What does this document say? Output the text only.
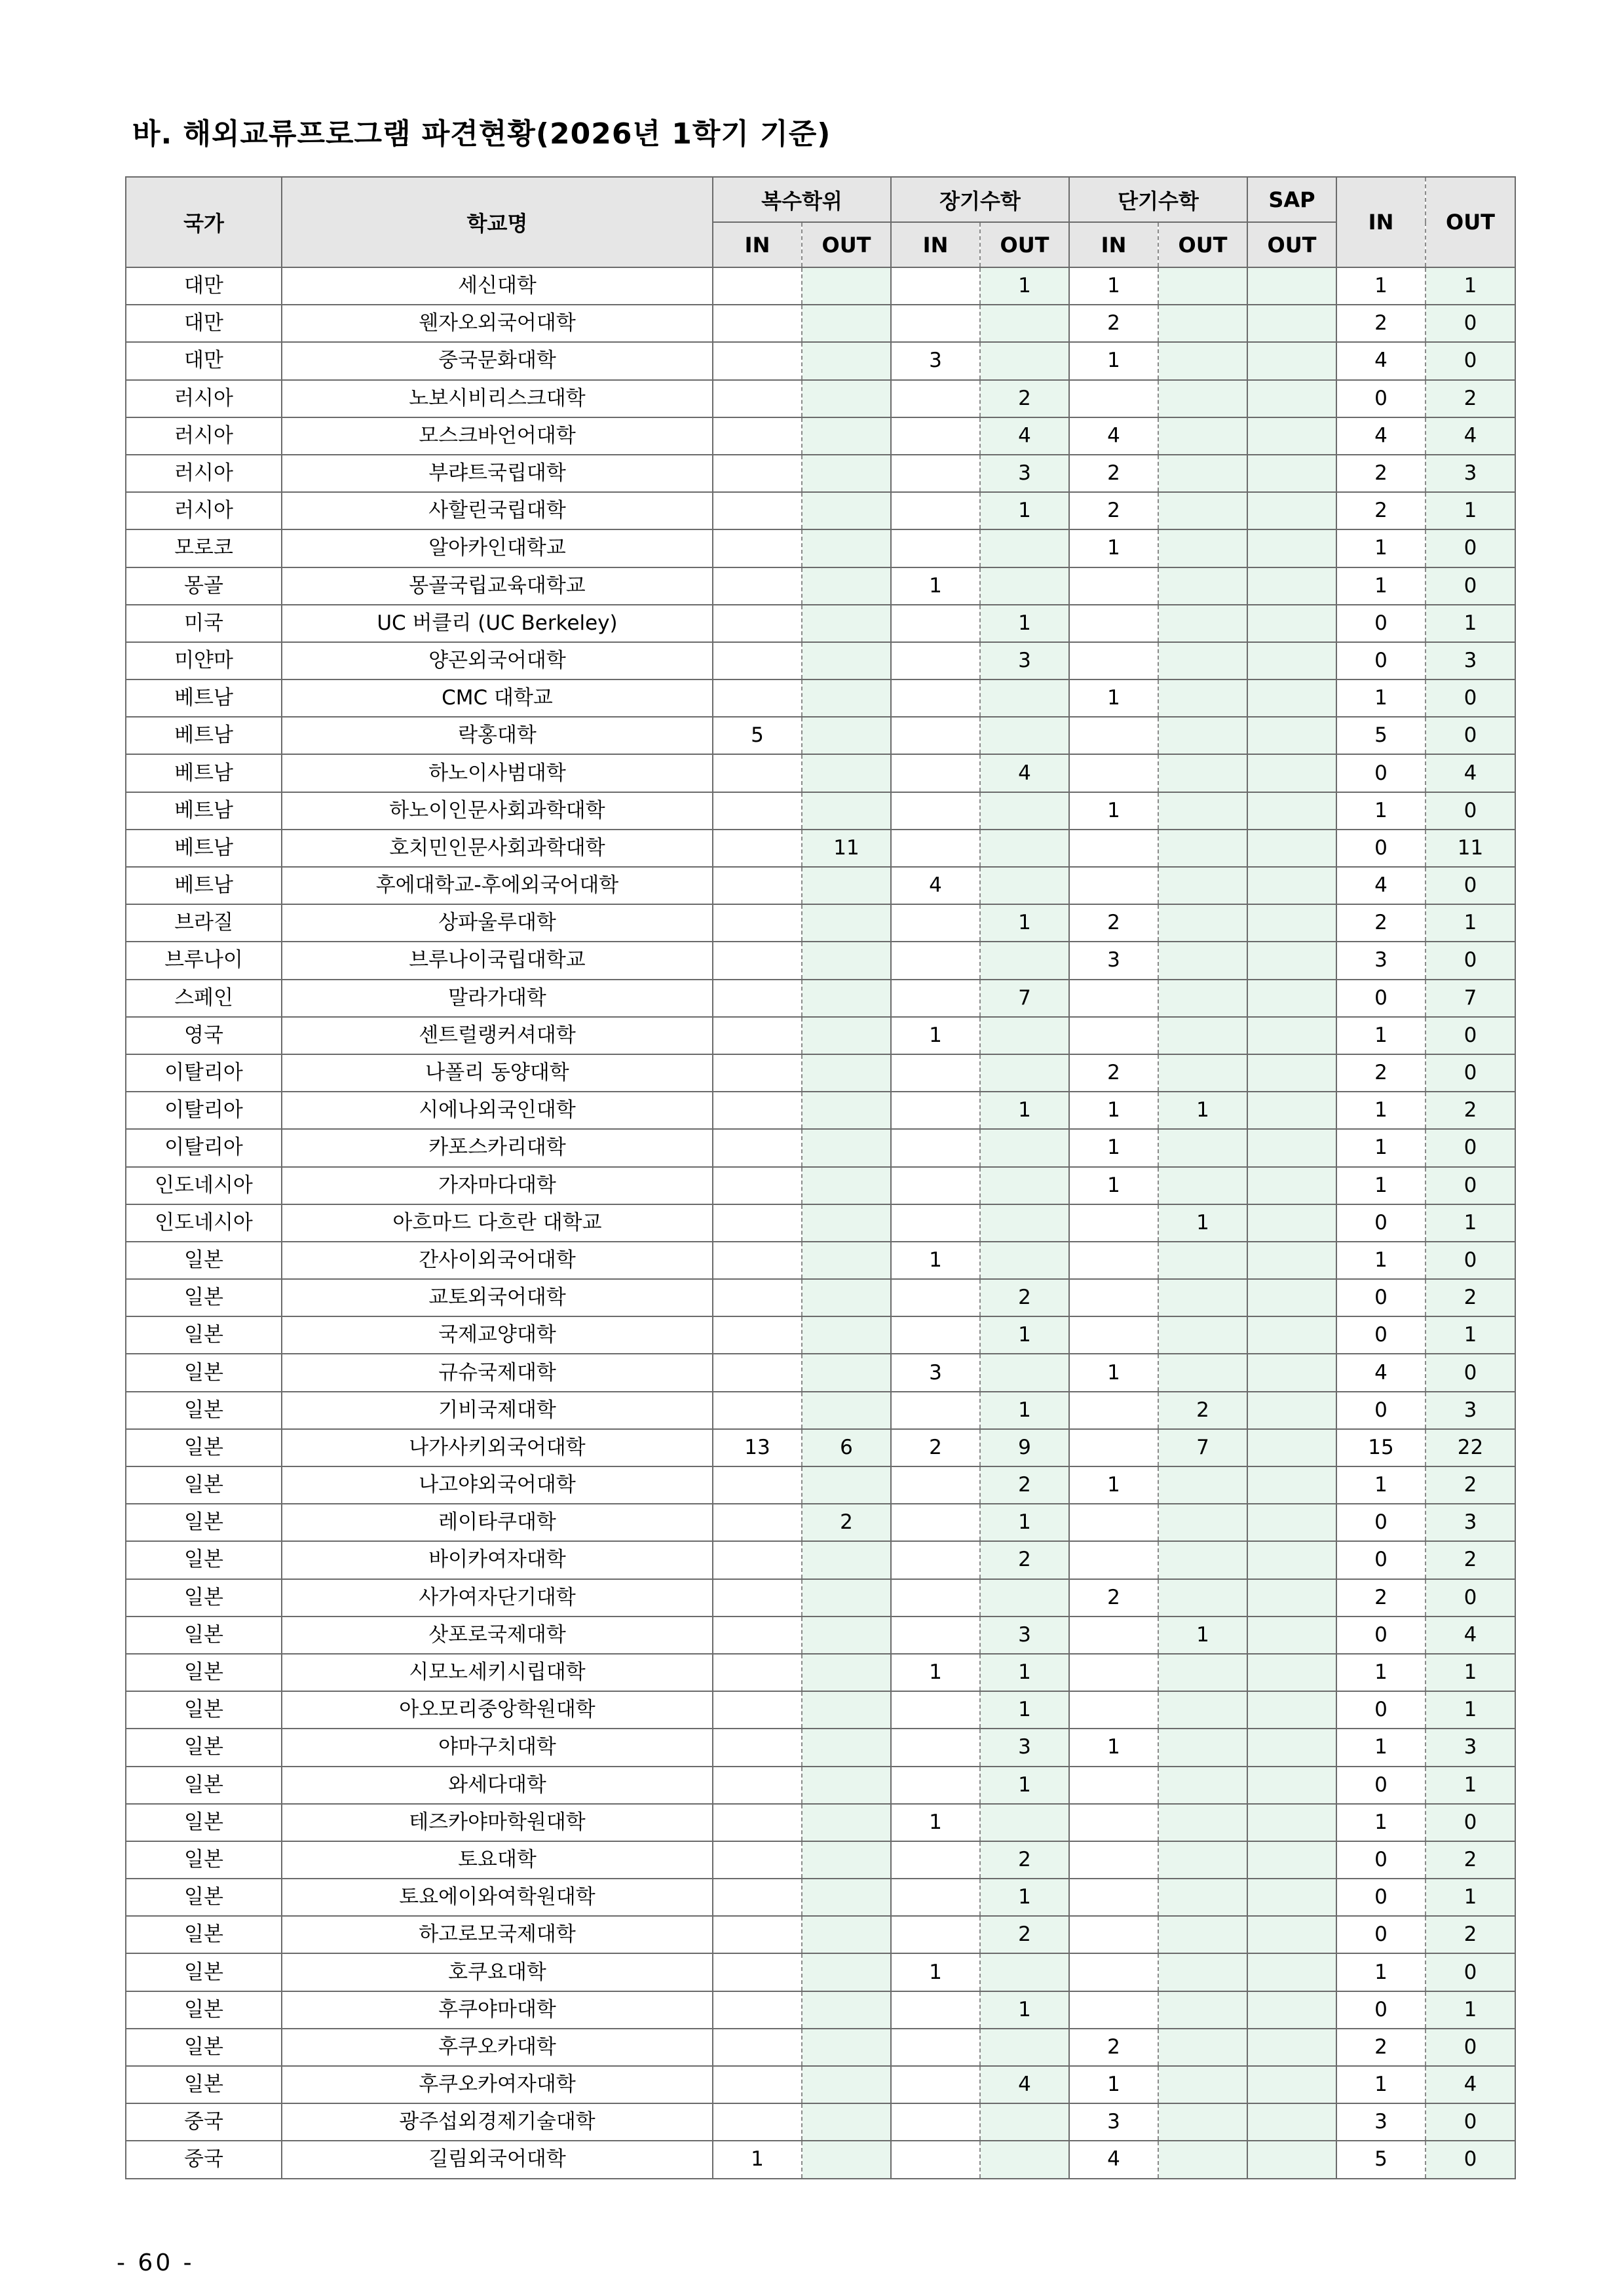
바. 해외교류프로그램 파견현황(2026년 1학기 기준)
국가	학교명	복수학위		장기수학		단기수학		SAP	IN	OUT
		IN	OUT	IN	OUT	IN	OUT	OUT		
대만	세신대학				1	1			1	1
대만	웬자오외국어대학					2			2	0
대만	중국문화대학			3		1			4	0
러시아	노보시비리스크대학				2				0	2
러시아	모스크바언어대학				4	4			4	4
러시아	부랴트국립대학				3	2			2	3
러시아	사할린국립대학				1	2			2	1
모로코	알아카인대학교					1			1	0
몽골	몽골국립교육대학교			1					1	0
미국	UC 버클리 (UC Berkeley)				1				0	1
미얀마	양곤외국어대학				3				0	3
베트남	CMC 대학교					1			1	0
베트남	락홍대학	5							5	0
베트남	하노이사범대학				4				0	4
베트남	하노이인문사회과학대학					1			1	0
베트남	호치민인문사회과학대학		11						0	11
베트남	후에대학교-후에외국어대학			4					4	0
브라질	상파울루대학				1	2			2	1
브루나이	브루나이국립대학교					3			3	0
스페인	말라가대학				7				0	7
영국	센트럴랭커셔대학			1					1	0
이탈리아	나폴리 동양대학					2			2	0
이탈리아	시에나외국인대학				1	1	1		1	2
이탈리아	카포스카리대학					1			1	0
인도네시아	가자마다대학					1			1	0
인도네시아	아흐마드 다흐란 대학교						1		0	1
일본	간사이외국어대학			1					1	0
일본	교토외국어대학				2				0	2
일본	국제교양대학				1				0	1
일본	규슈국제대학			3		1			4	0
일본	기비국제대학				1		2		0	3
일본	나가사키외국어대학	13	6	2	9		7		15	22
일본	나고야외국어대학				2	1			1	2
일본	레이타쿠대학		2		1				0	3
일본	바이카여자대학				2				0	2
일본	사가여자단기대학					2			2	0
일본	삿포로국제대학				3		1		0	4
일본	시모노세키시립대학			1	1				1	1
일본	아오모리중앙학원대학				1				0	1
일본	야마구치대학				3	1			1	3
일본	와세다대학				1				0	1
일본	테즈카야마학원대학			1					1	0
일본	토요대학				2				0	2
일본	토요에이와여학원대학				1				0	1
일본	하고로모국제대학				2				0	2
일본	호쿠요대학			1					1	0
일본	후쿠야마대학				1				0	1
일본	후쿠오카대학					2			2	0
일본	후쿠오카여자대학				4	1			1	4
중국	광주섭외경제기술대학					3			3	0
중국	길림외국어대학	1				4			5	0
- 60 -
